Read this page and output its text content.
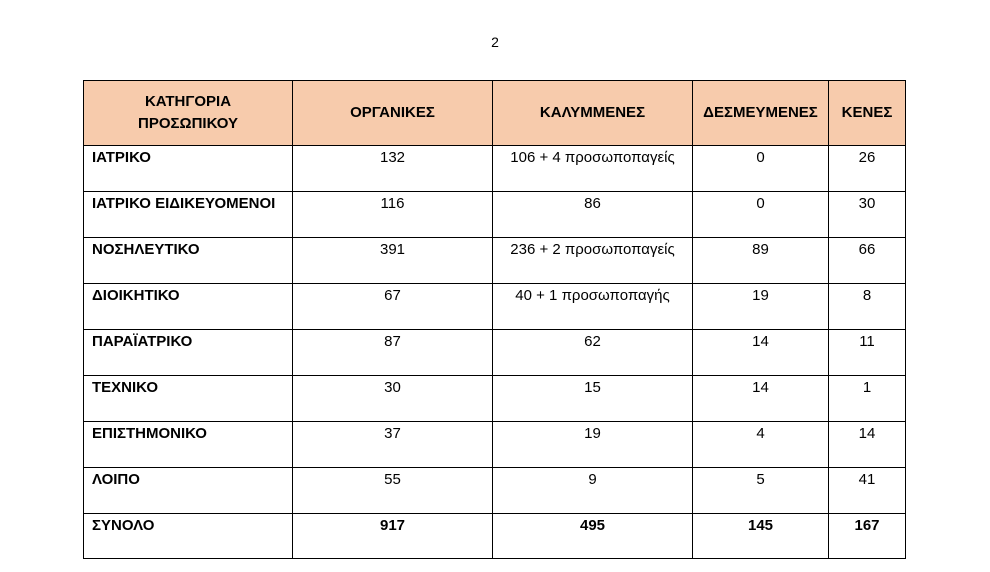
2
ΚΑΤΗΓΟΡΙΑ ΠΡΟΣΩΠΙΚΟΥ	ΟΡΓΑΝΙΚΕΣ	ΚΑΛΥΜΜΕΝΕΣ	ΔΕΣΜΕΥΜΕΝΕΣ	ΚΕΝΕΣ
ΙΑΤΡΙΚΟ	132	106 + 4 προσωποπαγείς	0	26
ΙΑΤΡΙΚΟ ΕΙΔΙΚΕΥΟΜΕΝΟΙ	116	86	0	30
ΝΟΣΗΛΕΥΤΙΚΟ	391	236 + 2 προσωποπαγείς	89	66
ΔΙΟΙΚΗΤΙΚΟ	67	40 + 1 προσωποπαγής	19	8
ΠΑΡΑΪΑΤΡΙΚΟ	87	62	14	11
ΤΕΧΝΙΚΟ	30	15	14	1
ΕΠΙΣΤΗΜΟΝΙΚΟ	37	19	4	14
ΛΟΙΠΟ	55	9	5	41
ΣΥΝΟΛΟ	917	495	145	167
